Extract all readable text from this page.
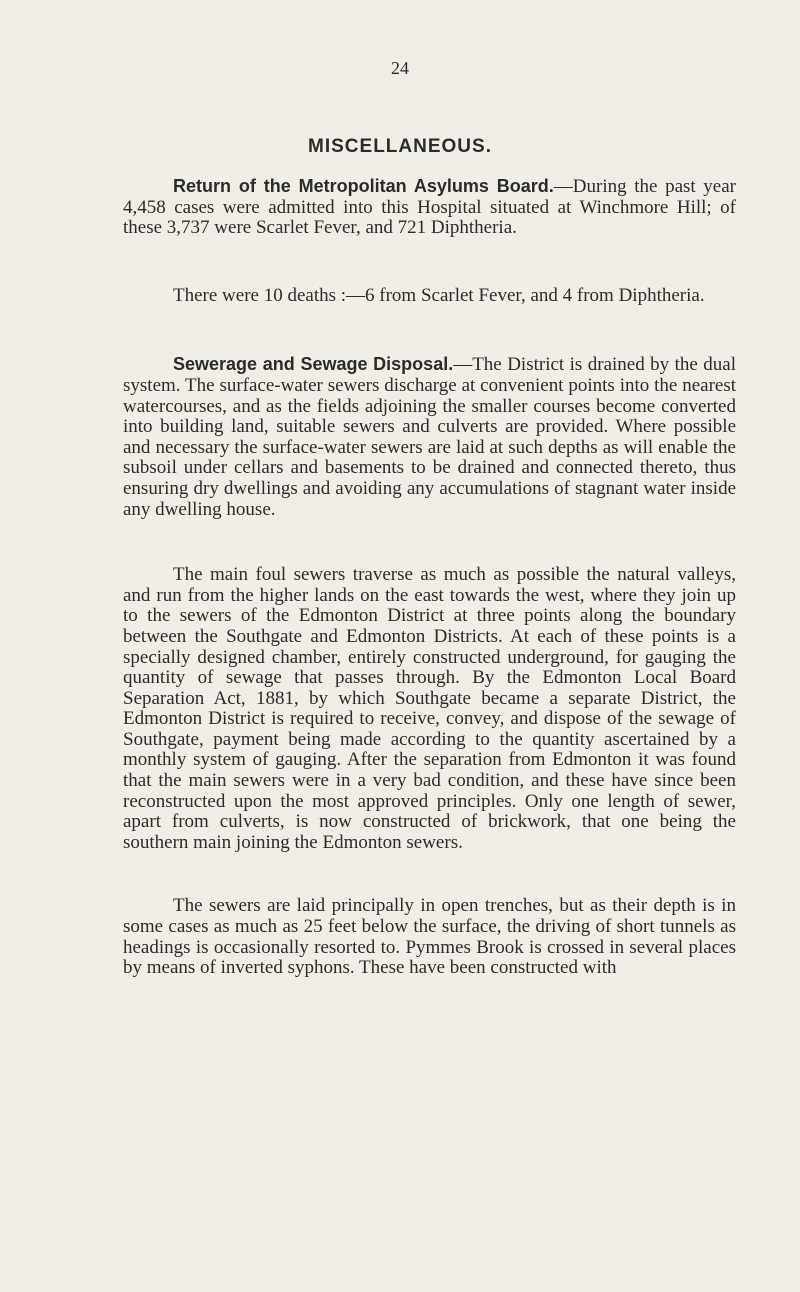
24
MISCELLANEOUS.

Return of the Metropolitan Asylums Board.—During the past year 4,458 cases were admitted into this Hospital situated at Winchmore Hill; of these 3,737 were Scarlet Fever, and 721 Diphtheria.

There were 10 deaths :—6 from Scarlet Fever, and 4 from Diphtheria.

Sewerage and Sewage Disposal.—The District is drained by the dual system. The surface-water sewers discharge at convenient points into the nearest watercourses, and as the fields adjoining the smaller courses become converted into building land, suitable sewers and culverts are provided. Where possible and necessary the surface-water sewers are laid at such depths as will enable the subsoil under cellars and basements to be drained and connected thereto, thus ensuring dry dwellings and avoiding any accumulations of stagnant water inside any dwelling house.

The main foul sewers traverse as much as possible the natural valleys, and run from the higher lands on the east towards the west, where they join up to the sewers of the Edmonton District at three points along the boundary between the Southgate and Edmonton Districts. At each of these points is a specially designed chamber, entirely constructed underground, for gauging the quantity of sewage that passes through. By the Edmonton Local Board Separation Act, 1881, by which Southgate became a separate District, the Edmonton District is required to receive, convey, and dispose of the sewage of Southgate, payment being made according to the quantity ascertained by a monthly system of gauging. After the separation from Edmonton it was found that the main sewers were in a very bad condition, and these have since been reconstructed upon the most approved principles. Only one length of sewer, apart from culverts, is now constructed of brickwork, that one being the southern main joining the Edmonton sewers.

The sewers are laid principally in open trenches, but as their depth is in some cases as much as 25 feet below the surface, the driving of short tunnels as headings is occasionally resorted to. Pymmes Brook is crossed in several places by means of inverted syphons. These have been constructed with
